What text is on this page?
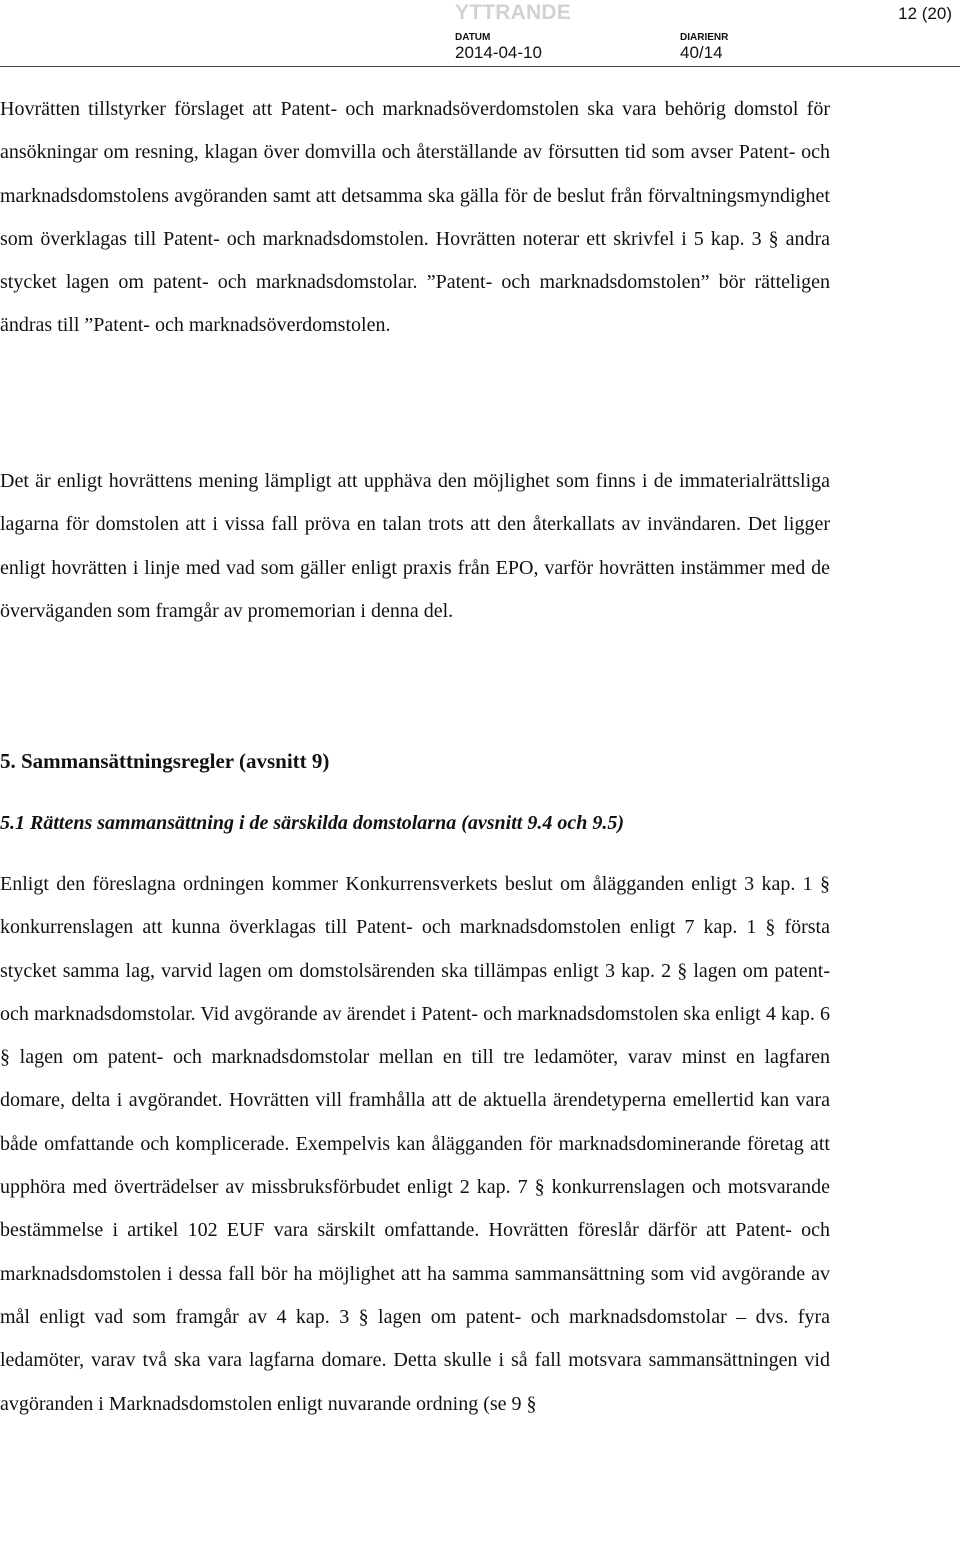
YTTRANDE	12 (20)
DATUM
2014-04-10
DIARIENR
40/14

Hovrätten tillstyrker förslaget att Patent- och marknadsöverdomstolen ska vara behörig domstol för ansökningar om resning, klagan över domvilla och återställande av försutten tid som avser Patent- och marknadsdomstolens avgöranden samt att detsamma ska gälla för de beslut från förvaltningsmyndighet som överklagas till Patent- och marknadsdomstolen. Hovrätten noterar ett skrivfel i 5 kap. 3 § andra stycket lagen om patent- och marknadsdomstolar. ”Patent- och marknadsdomstolen” bör rätteligen ändras till ”Patent- och marknadsöverdomstolen.

Det är enligt hovrättens mening lämpligt att upphäva den möjlighet som finns i de immaterialrättsliga lagarna för domstolen att i vissa fall pröva en talan trots att den återkallats av invändaren. Det ligger enligt hovrätten i linje med vad som gäller enligt praxis från EPO, varför hovrätten instämmer med de överväganden som framgår av promemorian i denna del.

5. Sammansättningsregler (avsnitt 9)
5.1 Rättens sammansättning i de särskilda domstolarna (avsnitt 9.4 och 9.5)

Enligt den föreslagna ordningen kommer Konkurrensverkets beslut om ålägganden enligt 3 kap. 1 § konkurrenslagen att kunna överklagas till Patent- och marknadsdomstolen enligt 7 kap. 1 § första stycket samma lag, varvid lagen om domstolsärenden ska tillämpas enligt 3 kap. 2 § lagen om patent- och marknadsdomstolar. Vid avgörande av ärendet i Patent- och marknadsdomstolen ska enligt 4 kap. 6 § lagen om patent- och marknadsdomstolar mellan en till tre ledamöter, varav minst en lagfaren domare, delta i avgörandet. Hovrätten vill framhålla att de aktuella ärendetyperna emellertid kan vara både omfattande och komplicerade. Exempelvis kan ålägganden för marknadsdominerande företag att upphöra med överträdelser av missbruksförbudet enligt 2 kap. 7 § konkurrenslagen och motsvarande bestämmelse i artikel 102 EUF vara särskilt omfattande. Hovrätten föreslår därför att Patent- och marknadsdomstolen i dessa fall bör ha möjlighet att ha samma sammansättning som vid avgörande av mål enligt vad som framgår av 4 kap. 3 § lagen om patent- och marknadsdomstolar – dvs. fyra ledamöter, varav två ska vara lagfarna domare. Detta skulle i så fall motsvara sammansättningen vid avgöranden i Marknadsdomstolen enligt nuvarande ordning (se 9 §
